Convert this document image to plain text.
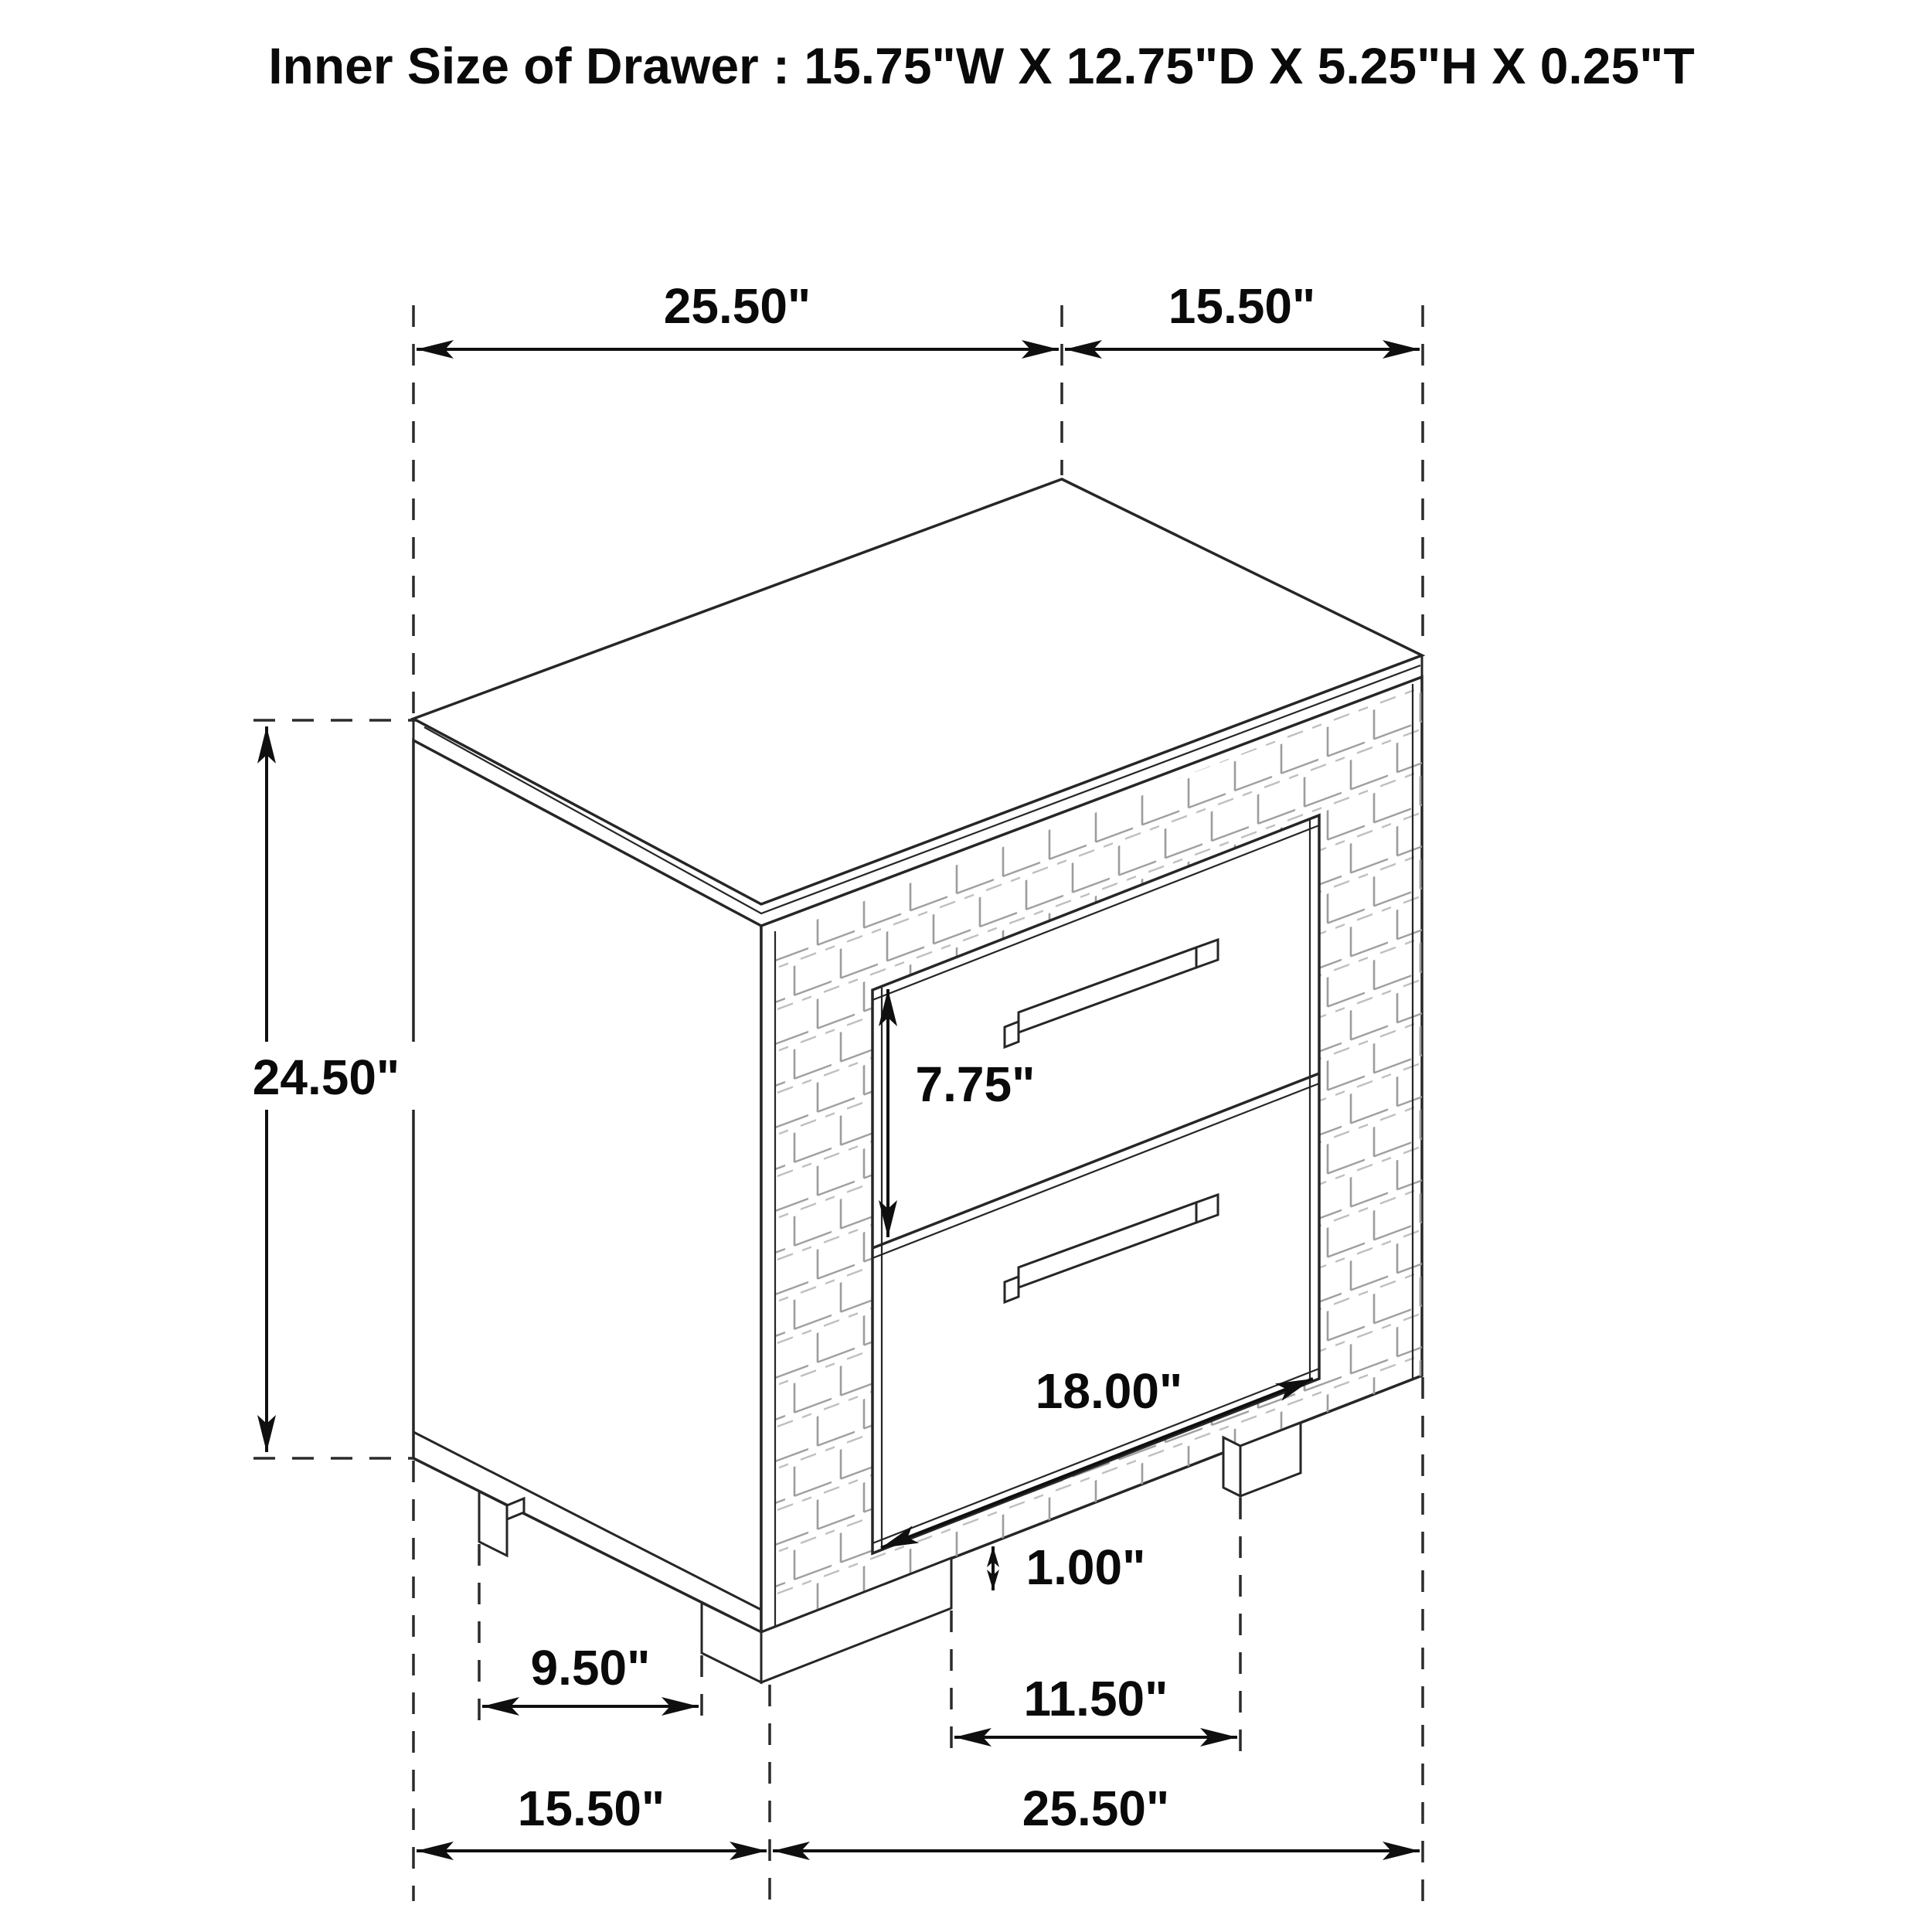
25.50"	15.50"
24.50"	7.75"
18.00"
1.00"
9.50"
11.50"
15.50"	25.50"
Inner Size of Drawer : 15.75"W X 12.75"D X 5.25"H X 0.25"T
